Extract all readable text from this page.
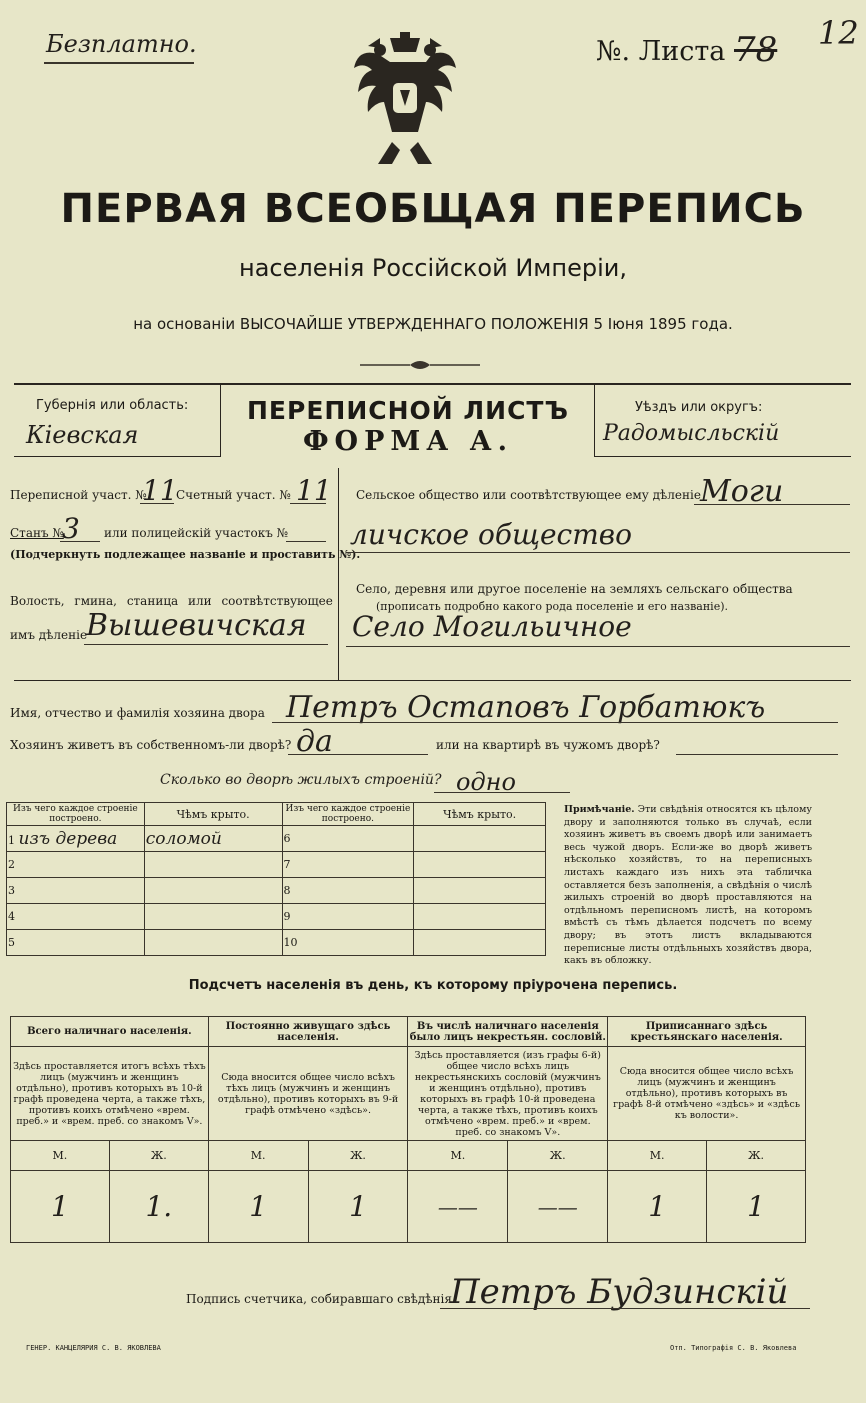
Безплатно.	№. Листа 78 12
ПЕРВАЯ ВСЕОБЩАЯ ПЕРЕПИСЬ
населенія Россійской Имперіи,
на основаніи ВЫСОЧАЙШЕ УТВЕРЖДЕННАГО ПОЛОЖЕНІЯ 5 Іюня 1895 года.
Губернія или область:
Кіевская
ПЕРЕПИСНОЙ ЛИСТЪ
ФОРМА А.
Уѣздъ или округъ:
Радомысльскій
Переписной участ. №
11
Счетный участ. № 11
Станъ №
3 или полицейскій участокъ №
(Подчеркнуть подлежащее названіе и проставить №).
Волость, гмина, станица или соотвѣтствующее
имъ дѣленіе
Вышевичская
Сельское общество или соотвѣтствующее ему дѣленіе Моги
личское общество
Село, деревня или другое поселеніе на земляхъ сельскаго общества
(прописать подробно какого рода поселеніе и его названіе).
Село Могильичное
Имя, отчество и фамилія хозяина двора Петръ Остаповъ Горбатюкъ
Хозяинъ живетъ въ собственномъ-ли дворѣ? да	или на квартирѣ въ чужомъ дворѣ?
Сколько во дворѣ жилыхъ строеній? одно
Изъ чего каждое строеніе построено.	Чѣмъ крыто.	Изъ чего каждое строеніе построено.	Чѣмъ крыто.
1 изъ дерева	соломой	6	
2		7	
3		8	
4		9	
5		10	
Примѣчаніе. Эти свѣдѣнія относятся къ цѣлому двору и заполняются только въ случаѣ, если хозяинъ живетъ въ своемъ дворѣ или занимаетъ весь чужой дворъ. Если-же во дворѣ живетъ нѣсколько хозяйствъ, то на переписныхъ листахъ каждаго изъ нихъ эта табличка оставляется безъ заполненія, а свѣдѣнія о числѣ жилыхъ строеній во дворѣ проставляются на отдѣльномъ переписномъ листѣ, на которомъ вмѣстѣ съ тѣмъ дѣлается подсчетъ по всему двору; въ этотъ листъ вкладываются переписные листы отдѣльныхъ хозяйствъ двора, какъ въ обложку.
Подсчетъ населенія въ день, къ которому пріурочена перепись.
Всего наличнаго населенія.		Постоянно живущаго здѣсь населенія.		Въ числѣ наличнаго населенія было лицъ некрестьян. сословій.		Приписаннаго здѣсь крестьянскаго населенія.	
Здѣсь проставляется итогъ всѣхъ тѣхъ лицъ (мужчинъ и женщинъ отдѣльно), противъ которыхъ въ 10-й графѣ проведена черта, а также тѣхъ, противъ коихъ отмѣчено «врем. преб.» и «врем. преб. со знакомъ V».		Сюда вносится общее число всѣхъ тѣхъ лицъ (мужчинъ и женщинъ отдѣльно), противъ которыхъ въ 9-й графѣ отмѣчено «здѣсь».		Здѣсь проставляется (изъ графы 6-й) общее число всѣхъ лицъ некрестьянскихъ сословій (мужчинъ и женщинъ отдѣльно), противъ которыхъ въ графѣ 10-й проведена черта, а также тѣхъ, противъ коихъ отмѣчено «врем. преб.» и «врем. преб. со знакомъ V».		Сюда вносится общее число всѣхъ лицъ (мужчинъ и женщинъ отдѣльно), противъ которыхъ въ графѣ 8-й отмѣчено «здѣсь» и «здѣсь къ волости».	
М.	Ж.	М.	Ж.	М.	Ж.	М.	Ж.
1	1.	1	1	——	——	1	1
Подпись счетчика, собиравшаго свѣдѣнія
Петръ Будзинскій
ГЕНЕР. КАНЦЕЛЯРИЯ С. В. ЯКОВЛЕВА	Отп. Типографія С. В. Яковлева
